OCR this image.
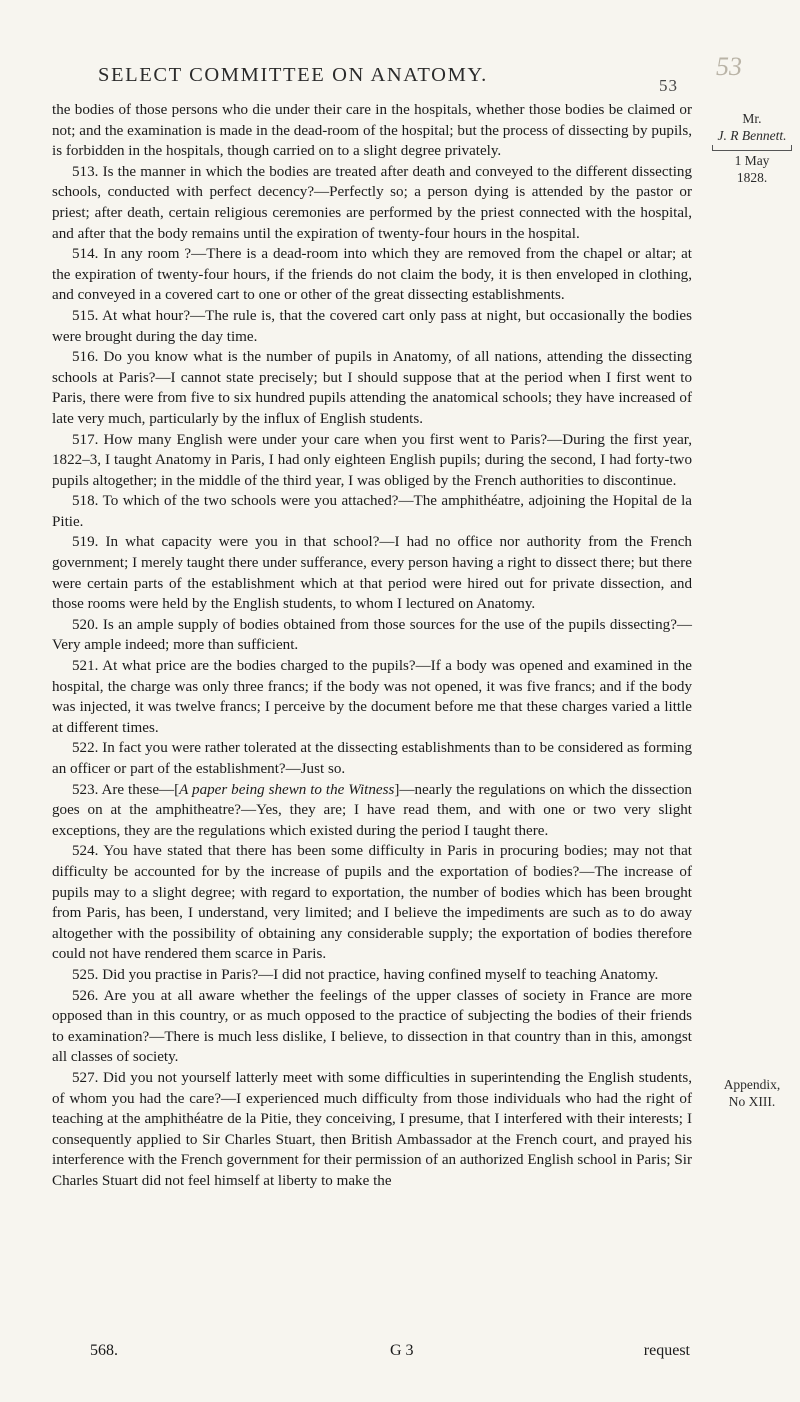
SELECT COMMITTEE ON ANATOMY.	53
53
Mr.
J. R Bennett.
1 May
1828.
Appendix,
No XIII.

the bodies of those persons who die under their care in the hospitals, whether those bodies be claimed or not; and the examination is made in the dead-room of the hospital; but the process of dissecting by pupils, is forbidden in the hospitals, though carried on to a slight degree privately.

513. Is the manner in which the bodies are treated after death and conveyed to the different dissecting schools, conducted with perfect decency?—Perfectly so; a person dying is attended by the pastor or priest; after death, certain religious ceremonies are performed by the priest connected with the hospital, and after that the body remains until the expiration of twenty-four hours in the hospital.

514. In any room ?—There is a dead-room into which they are removed from the chapel or altar; at the expiration of twenty-four hours, if the friends do not claim the body, it is then enveloped in clothing, and conveyed in a covered cart to one or other of the great dissecting establishments.

515. At what hour?—The rule is, that the covered cart only pass at night, but occasionally the bodies were brought during the day time.

516. Do you know what is the number of pupils in Anatomy, of all nations, attending the dissecting schools at Paris?—I cannot state precisely; but I should suppose that at the period when I first went to Paris, there were from five to six hundred pupils attending the anatomical schools; they have increased of late very much, particularly by the influx of English students.

517. How many English were under your care when you first went to Paris?—During the first year, 1822–3, I taught Anatomy in Paris, I had only eighteen English pupils; during the second, I had forty-two pupils altogether; in the middle of the third year, I was obliged by the French authorities to discontinue.

518. To which of the two schools were you attached?—The amphithéatre, adjoining the Hopital de la Pitie.

519. In what capacity were you in that school?—I had no office nor authority from the French government; I merely taught there under sufferance, every person having a right to dissect there; but there were certain parts of the establishment which at that period were hired out for private dissection, and those rooms were held by the English students, to whom I lectured on Anatomy.

520. Is an ample supply of bodies obtained from those sources for the use of the pupils dissecting?—Very ample indeed; more than sufficient.

521. At what price are the bodies charged to the pupils?—If a body was opened and examined in the hospital, the charge was only three francs; if the body was not opened, it was five francs; and if the body was injected, it was twelve francs; I perceive by the document before me that these charges varied a little at different times.

522. In fact you were rather tolerated at the dissecting establishments than to be considered as forming an officer or part of the establishment?—Just so.

523. Are these—[A paper being shewn to the Witness]—nearly the regulations on which the dissection goes on at the amphitheatre?—Yes, they are; I have read them, and with one or two very slight exceptions, they are the regulations which existed during the period I taught there.

524. You have stated that there has been some difficulty in Paris in procuring bodies; may not that difficulty be accounted for by the increase of pupils and the exportation of bodies?—The increase of pupils may to a slight degree; with regard to exportation, the number of bodies which has been brought from Paris, has been, I understand, very limited; and I believe the impediments are such as to do away altogether with the possibility of obtaining any considerable supply; the exportation of bodies therefore could not have rendered them scarce in Paris.

525. Did you practise in Paris?—I did not practice, having confined myself to teaching Anatomy.

526. Are you at all aware whether the feelings of the upper classes of society in France are more opposed than in this country, or as much opposed to the practice of subjecting the bodies of their friends to examination?—There is much less dislike, I believe, to dissection in that country than in this, amongst all classes of society.

527. Did you not yourself latterly meet with some difficulties in superintending the English students, of whom you had the care?—I experienced much difficulty from those individuals who had the right of teaching at the amphithéatre de la Pitie, they conceiving, I presume, that I interfered with their interests; I consequently applied to Sir Charles Stuart, then British Ambassador at the French court, and prayed his interference with the French government for their permission of an authorized English school in Paris; Sir Charles Stuart did not feel himself at liberty to make the

568.	G 3	request
